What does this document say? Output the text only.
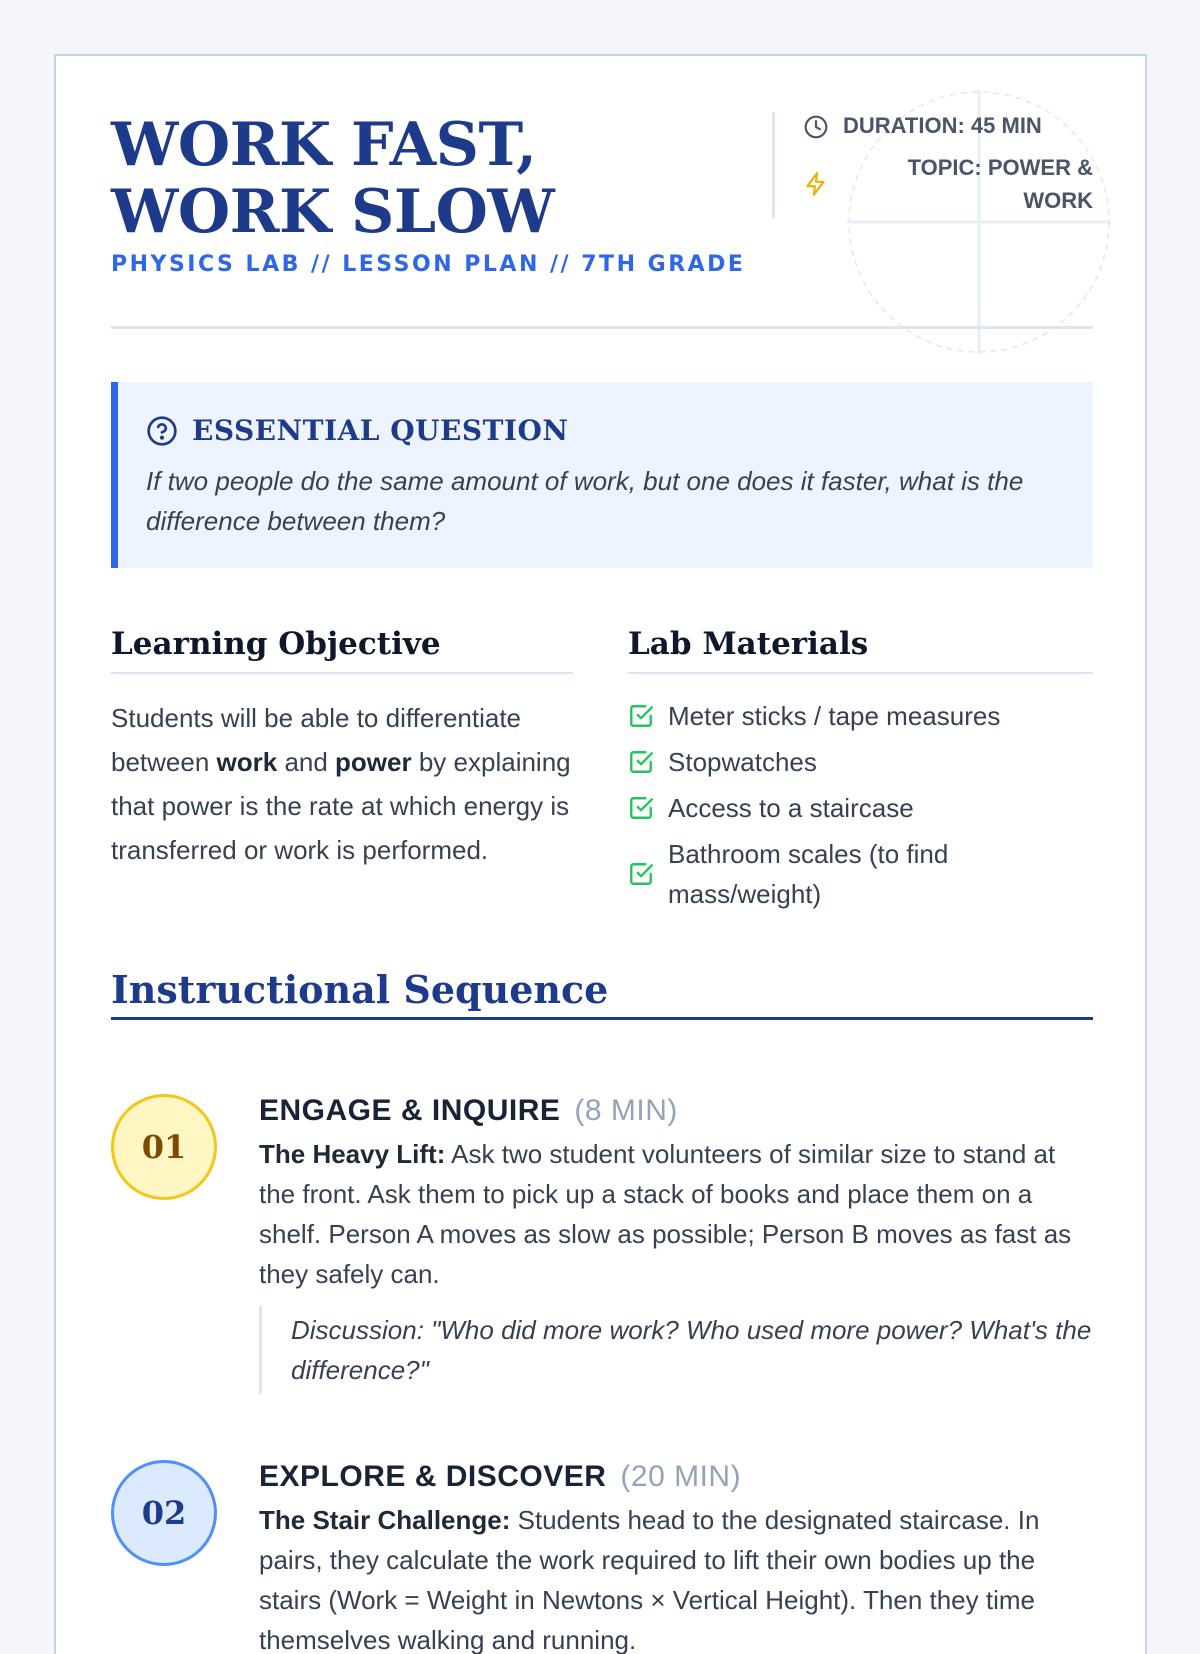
WORK FAST, WORK SLOW
PHYSICS LAB // LESSON PLAN // 7TH GRADE
DURATION: 45 MIN
TOPIC: POWER & WORK
ESSENTIAL QUESTION

If two people do the same amount of work, but one does it faster, what is the difference between them?

Learning Objective

Students will be able to differentiate between work and power by explaining that power is the rate at which energy is transferred or work is performed.

Lab Materials
Meter sticks / tape measures
Stopwatches
Access to a staircase
Bathroom scales (to find mass/weight)
Instructional Sequence
01
ENGAGE & INQUIRE (8 MIN)

The Heavy Lift: Ask two student volunteers of similar size to stand at the front. Ask them to pick up a stack of books and place them on a shelf. Person A moves as slow as possible; Person B moves as fast as they safely can.

Discussion: "Who did more work? Who used more power? What's the difference?"
02
EXPLORE & DISCOVER (20 MIN)

The Stair Challenge: Students head to the designated staircase. In pairs, they calculate the work required to lift their own bodies up the stairs (Work = Weight in Newtons × Vertical Height). Then they time themselves walking and running.
